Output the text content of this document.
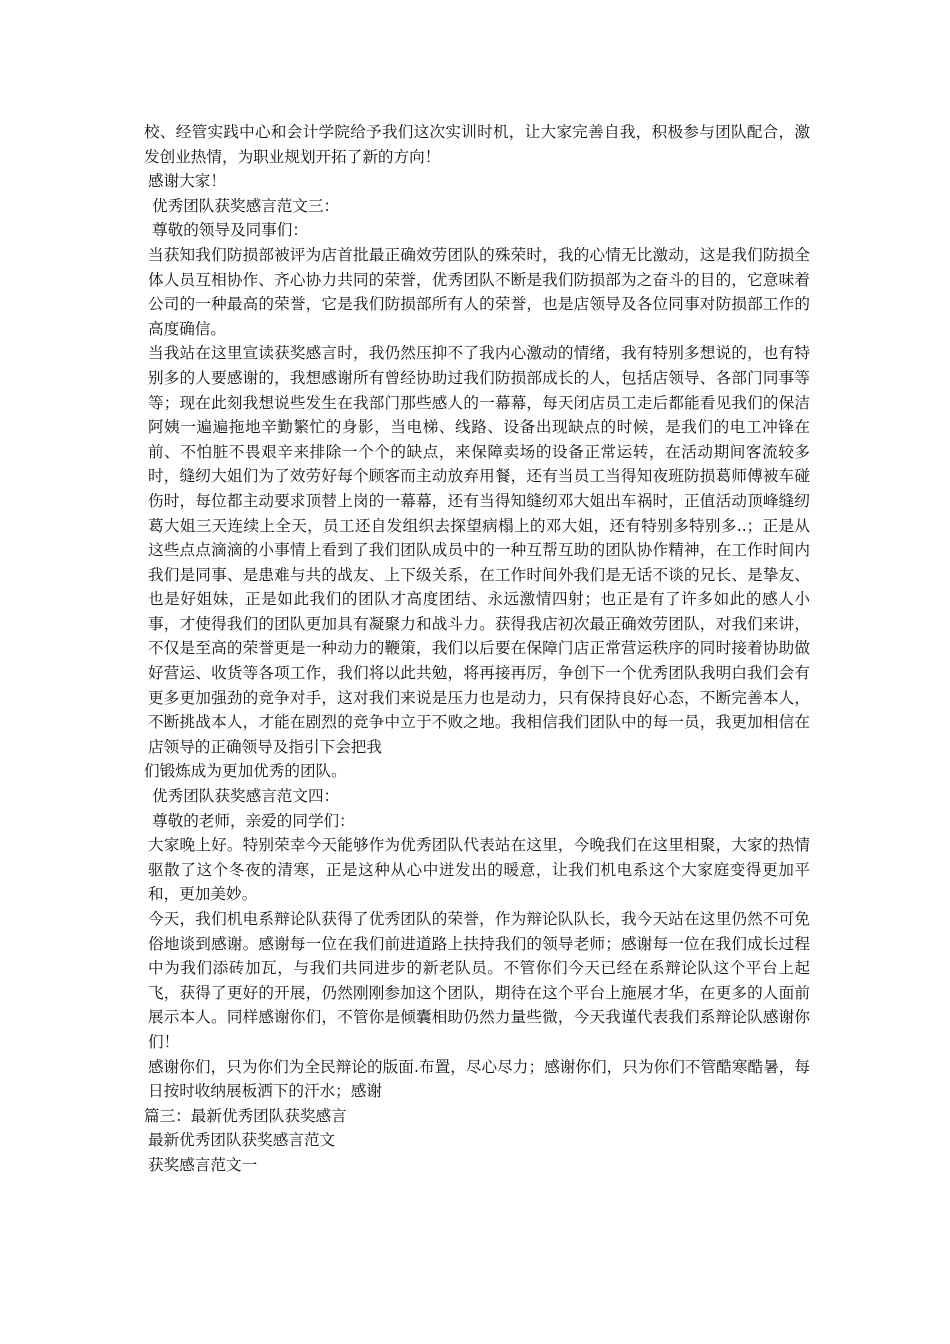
校、经管实践中心和会计学院给予我们这次实训时机，让大家完善自我，积极参与团队配合，激发创业热情，为职业规划开拓了新的方向！

感谢大家！

优秀团队获奖感言范文三：

尊敬的领导及同事们：

当获知我们防损部被评为店首批最正确效劳团队的殊荣时，我的心情无比激动，这是我们防损全体人员互相协作、齐心协力共同的荣誉，优秀团队不断是我们防损部为之奋斗的目的，它意味着公司的一种最高的荣誉，它是我们防损部所有人的荣誉，也是店领导及各位同事对防损部工作的高度确信。

当我站在这里宣读获奖感言时，我仍然压抑不了我内心激动的情绪，我有特别多想说的，也有特别多的人要感谢的，我想感谢所有曾经协助过我们防损部成长的人，包括店领导、各部门同事等等；现在此刻我想说些发生在我部门那些感人的一幕幕，每天闭店员工走后都能看见我们的保洁阿姨一遍遍拖地辛勤繁忙的身影，当电梯、线路、设备出现缺点的时候，是我们的电工冲锋在前、不怕脏不畏艰辛来排除一个个的缺点，来保障卖场的设备正常运转，在活动期间客流较多时，缝纫大姐们为了效劳好每个顾客而主动放弃用餐，还有当员工当得知夜班防损葛师傅被车碰伤时，每位都主动要求顶替上岗的一幕幕，还有当得知缝纫邓大姐出车祸时，正值活动顶峰缝纫葛大姐三天连续上全天，员工还自发组织去探望病榻上的邓大姐，还有特别多特别多..；正是从这些点点滴滴的小事情上看到了我们团队成员中的一种互帮互助的团队协作精神，在工作时间内我们是同事、是患难与共的战友、上下级关系，在工作时间外我们是无话不谈的兄长、是挚友、也是好姐妹，正是如此我们的团队才高度团结、永远激情四射；也正是有了许多如此的感人小事，才使得我们的团队更加具有凝聚力和战斗力。获得我店初次最正确效劳团队，对我们来讲，不仅是至高的荣誉更是一种动力的鞭策，我们以后要在保障门店正常营运秩序的同时接着协助做好营运、收货等各项工作，我们将以此共勉，将再接再厉，争创下一个优秀团队我明白我们会有更多更加强劲的竞争对手，这对我们来说是压力也是动力，只有保持良好心态，不断完善本人，不断挑战本人，才能在剧烈的竞争中立于不败之地。我相信我们团队中的每一员，我更加相信在店领导的正确领导及指引下会把我

们锻炼成为更加优秀的团队。

优秀团队获奖感言范文四：

尊敬的老师，亲爱的同学们：

大家晚上好。特别荣幸今天能够作为优秀团队代表站在这里，今晚我们在这里相聚，大家的热情驱散了这个冬夜的清寒，正是这种从心中迸发出的暖意，让我们机电系这个大家庭变得更加平和，更加美妙。

今天，我们机电系辩论队获得了优秀团队的荣誉，作为辩论队队长，我今天站在这里仍然不可免俗地谈到感谢。感谢每一位在我们前进道路上扶持我们的领导老师；感谢每一位在我们成长过程中为我们添砖加瓦，与我们共同进步的新老队员。不管你们今天已经在系辩论队这个平台上起飞，获得了更好的开展，仍然刚刚参加这个团队，期待在这个平台上施展才华，在更多的人面前展示本人。同样感谢你们，不管你是倾囊相助仍然力量些微，今天我谨代表我们系辩论队感谢你们！

感谢你们，只为你们为全民辩论的版面.布置，尽心尽力；感谢你们，只为你们不管酷寒酷暑，每日按时收纳展板洒下的汗水；感谢

篇三：最新优秀团队获奖感言

最新优秀团队获奖感言范文

获奖感言范文一
